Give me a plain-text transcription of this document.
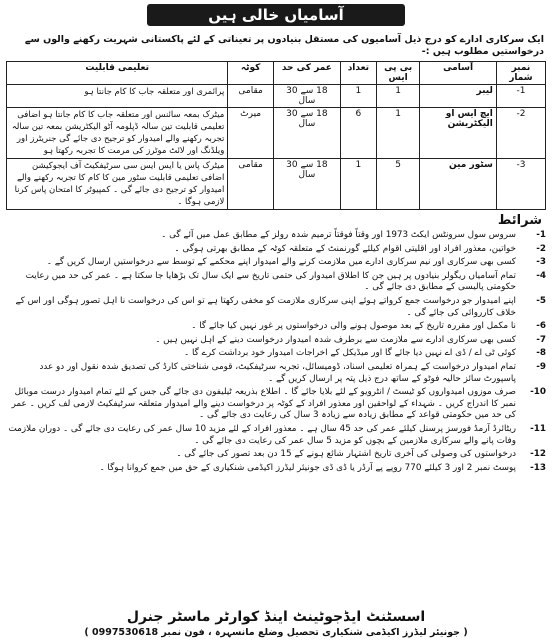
آسامیاں خالی ہیں
ایک سرکاری ادارے کو درج ذیل آسامیوں کی مستقل بنیادوں پر تعیناتی کے لئے پاکستانی شہریت رکھنے والوں سے درخواستیں مطلوب ہیں :-
نمبر شمار	آسامی	بی پی ایس	تعداد	عمر کی حد	کوٹہ	تعلیمی قابلیت
1-	لیبر	1	1	18 سے 30 سال	مقامی	پرائمری اور متعلقہ جاب کا کام جانتا ہو
2-	ایچ ایس او الیکٹریشن	1	6	18 سے 30 سال	میرٹ	میٹرک بمعہ سائنس اور متعلقہ جاب کا کام جانتا ہو اضافی تعلیمی قابلیت تین سالہ ڈپلومہ آٹو الیکٹریشن بمعہ تین سالہ تجربہ رکھنے والے امیدوار کو ترجیح دی جائے گی جنریٹرز اور ویلڈنگ اور لائٹ موٹرز کی مرمت کا تجربہ رکھتا ہو
3-	سٹور مین	5	1	18 سے 30 سال	مقامی	میٹرک پاس یا ایس ایس سی سرٹیفکیٹ آف ایجوکیشن اضافی تعلیمی قابلیت سٹور مین کا کام کا تجربہ رکھنے والے امیدوار کو ترجیح دی جائے گی ۔ کمپیوٹر کا امتحان پاس کرنا لازمی ہوگا ۔
شرائط
1-
سروس سول سرونٹس ایکٹ 1973 اور وقتاً فوقتاً ترمیم شدہ رولز کے مطابق عمل میں آئے گی ۔
2-
خواتین، معذور افراد اور اقلیتی اقوام کیلئے گورنمنٹ کے متعلقہ کوٹہ کے مطابق بھرتی ہوگی ۔
3-
کسی بھی سرکاری اور نیم سرکاری ادارے میں ملازمت کرنے والے امیدوار اپنے محکمے کے توسط سے درخواستیں ارسال کریں گے ۔
4-
تمام آسامیاں ریگولر بنیادوں پر ہیں جن کا اطلاق امیدوار کی حتمی تاریخ سے ایک سال تک بڑھایا جا سکتا ہے ۔ عمر کی حد میں رعایت حکومتی پالیسی کے مطابق دی جائے گی ۔
5-
اپنے امیدوار جو درخواست جمع کرواتے ہوئے اپنی سرکاری ملازمت کو مخفی رکھتا ہے تو اس کی درخواست نا اہل تصور ہوگی اور اس کے خلاف کارروائی کی جائے گی ۔
6-
نا مکمل اور مقررہ تاریخ کے بعد موصول ہونے والی درخواستوں پر غور نہیں کیا جائے گا ۔
7-
کسی بھی سرکاری ادارے سے ملازمت سے برطرف شدہ امیدوار درخواست دینے کے اہل نہیں ہیں ۔
8-
کوئی ٹی اے / ڈی اے نہیں دیا جائے گا اور میڈیکل کے اخراجات امیدوار خود برداشت کرے گا ۔
9-
تمام امیدوار درخواست کے ہمراہ تعلیمی اسناد، ڈومیسائل، تجربہ سرٹیفکیٹ، قومی شناختی کارڈ کی تصدیق شدہ نقول اور دو عدد پاسپورٹ سائز حالیہ فوٹو کے ساتھ درج ذیل پتہ پر ارسال کریں گے ۔
10-
صرف موزوں امیدواروں کو ٹیسٹ / انٹرویو کے لئے بلایا جائے گا ۔ اطلاع بذریعہ ٹیلیفون دی جائے گی جس کے لئے تمام امیدوار درست موبائل نمبر کا اندراج کریں ۔ شہداء کے لواحقین اور معذور افراد کے کوٹہ پر درخواست دینے والے امیدوار متعلقہ سرٹیفکیٹ لازمی لف کریں ۔ عمر کی حد میں حکومتی قواعد کے مطابق زیادہ سے زیادہ 3 سال کی رعایت دی جائے گی ۔
11-
ریٹائرڈ آرمڈ فورسز پرسنل کیلئے عمر کی حد 45 سال ہے ۔ معذور افراد کے لئے مزید 10 سال عمر کی رعایت دی جائے گی ۔ دوران ملازمت وفات پانے والے سرکاری ملازمین کے بچوں کو مزید 5 سال عمر کی رعایت دی جائے گی ۔
12-
درخواستوں کی وصولی کی آخری تاریخ اشتہار شائع ہونے کے 15 دن بعد تصور کی جائے گی ۔
13-
پوسٹ نمبر 2 اور 3 کیلئے 770 روپے پے آرڈر یا ڈی ڈی جونیئر لیڈرز اکیڈمی شنکیاری کے حق میں جمع کروانا ہوگا ۔
اسسٹنٹ ایڈجوٹینٹ اینڈ کوارٹر ماسٹر جنرل
( جونیئر لیڈرز اکیڈمی شنکیاری تحصیل وضلع مانسہرہ ، فون نمبر 0997530618 )
